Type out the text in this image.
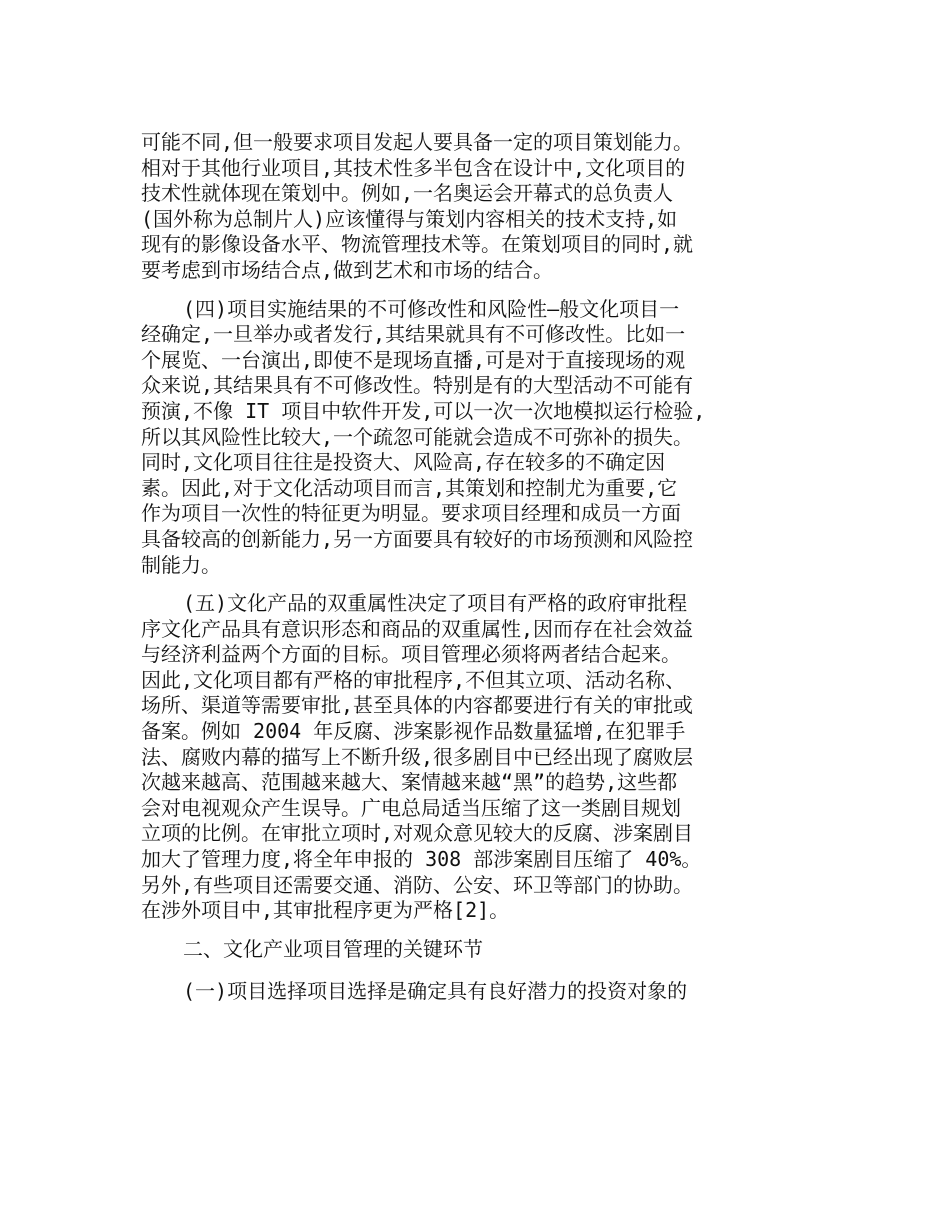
可能不同,但一般要求项目发起人要具备一定的项目策划能力。
相对于其他行业项目,其技术性多半包含在设计中,文化项目的
技术性就体现在策划中。例如,一名奥运会开幕式的总负责人
(国外称为总制片人)应该懂得与策划内容相关的技术支持,如
现有的影像设备水平、物流管理技术等。在策划项目的同时,就
要考虑到市场结合点,做到艺术和市场的结合。
(四)项目实施结果的不可修改性和风险性—般文化项目一
经确定,一旦举办或者发行,其结果就具有不可修改性。比如一
个展览、一台演出,即使不是现场直播,可是对于直接现场的观
众来说,其结果具有不可修改性。特别是有的大型活动不可能有
预演,不像 IT 项目中软件开发,可以一次一次地模拟运行检验,
所以其风险性比较大,一个疏忽可能就会造成不可弥补的损失。
同时,文化项目往往是投资大、风险高,存在较多的不确定因
素。因此,对于文化活动项目而言,其策划和控制尤为重要,它
作为项目一次性的特征更为明显。要求项目经理和成员一方面
具备较高的创新能力,另一方面要具有较好的市场预测和风险控
制能力。
(五)文化产品的双重属性决定了项目有严格的政府审批程
序文化产品具有意识形态和商品的双重属性,因而存在社会效益
与经济利益两个方面的目标。项目管理必须将两者结合起来。
因此,文化项目都有严格的审批程序,不但其立项、活动名称、
场所、渠道等需要审批,甚至具体的内容都要进行有关的审批或
备案。例如 2004 年反腐、涉案影视作品数量猛增,在犯罪手
法、腐败内幕的描写上不断升级,很多剧目中已经出现了腐败层
次越来越高、范围越来越大、案情越来越“黑”的趋势,这些都
会对电视观众产生误导。广电总局适当压缩了这一类剧目规划
立项的比例。在审批立项时,对观众意见较大的反腐、涉案剧目
加大了管理力度,将全年申报的 308 部涉案剧目压缩了 40%。
另外,有些项目还需要交通、消防、公安、环卫等部门的协助。
在涉外项目中,其审批程序更为严格[2]。
二、文化产业项目管理的关键环节
(一)项目选择项目选择是确定具有良好潜力的投资对象的
